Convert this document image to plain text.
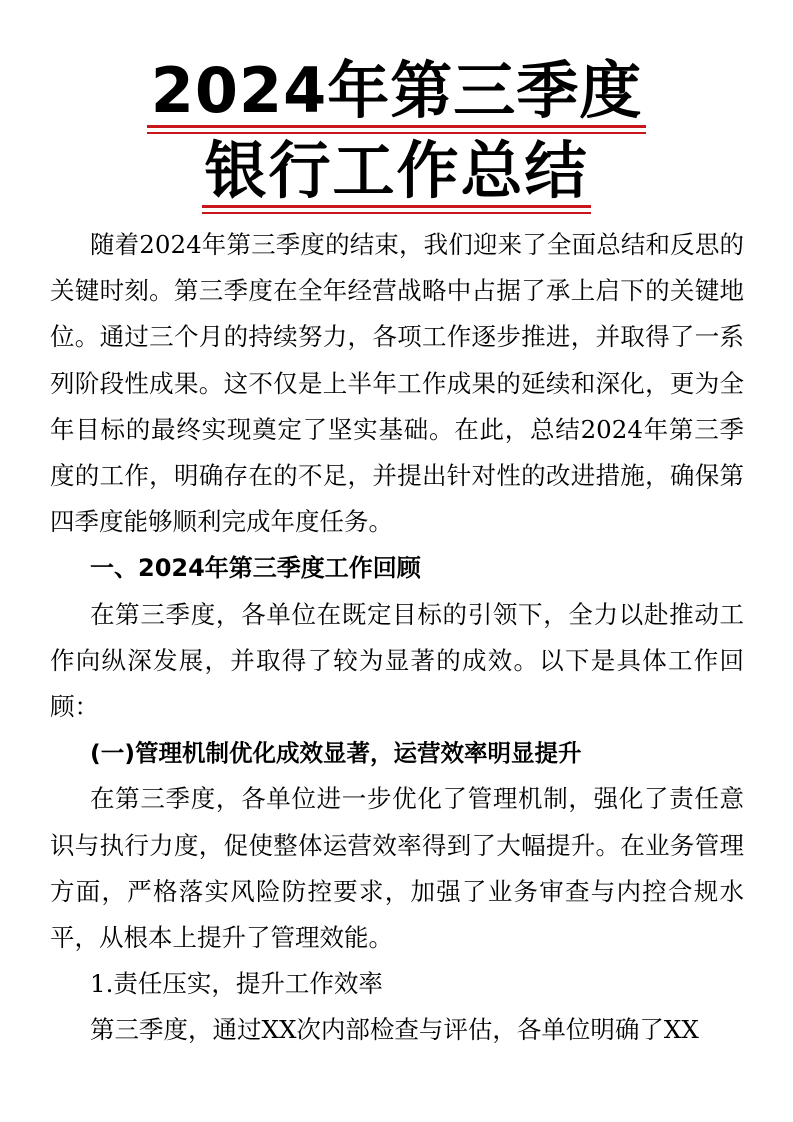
2024年第三季度
银行工作总结

随着2024年第三季度的结束，我们迎来了全面总结和反思的关键时刻。第三季度在全年经营战略中占据了承上启下的关键地位。通过三个月的持续努力，各项工作逐步推进，并取得了一系列阶段性成果。这不仅是上半年工作成果的延续和深化，更为全年目标的最终实现奠定了坚实基础。在此，总结2024年第三季度的工作，明确存在的不足，并提出针对性的改进措施，确保第四季度能够顺利完成年度任务。

一、2024年第三季度工作回顾

在第三季度，各单位在既定目标的引领下，全力以赴推动工作向纵深发展，并取得了较为显著的成效。以下是具体工作回顾：

(一)管理机制优化成效显著，运营效率明显提升

在第三季度，各单位进一步优化了管理机制，强化了责任意识与执行力度，促使整体运营效率得到了大幅提升。在业务管理方面，严格落实风险防控要求，加强了业务审查与内控合规水平，从根本上提升了管理效能。

1.责任压实，提升工作效率

第三季度，通过XX次内部检查与评估，各单位明确了XX
